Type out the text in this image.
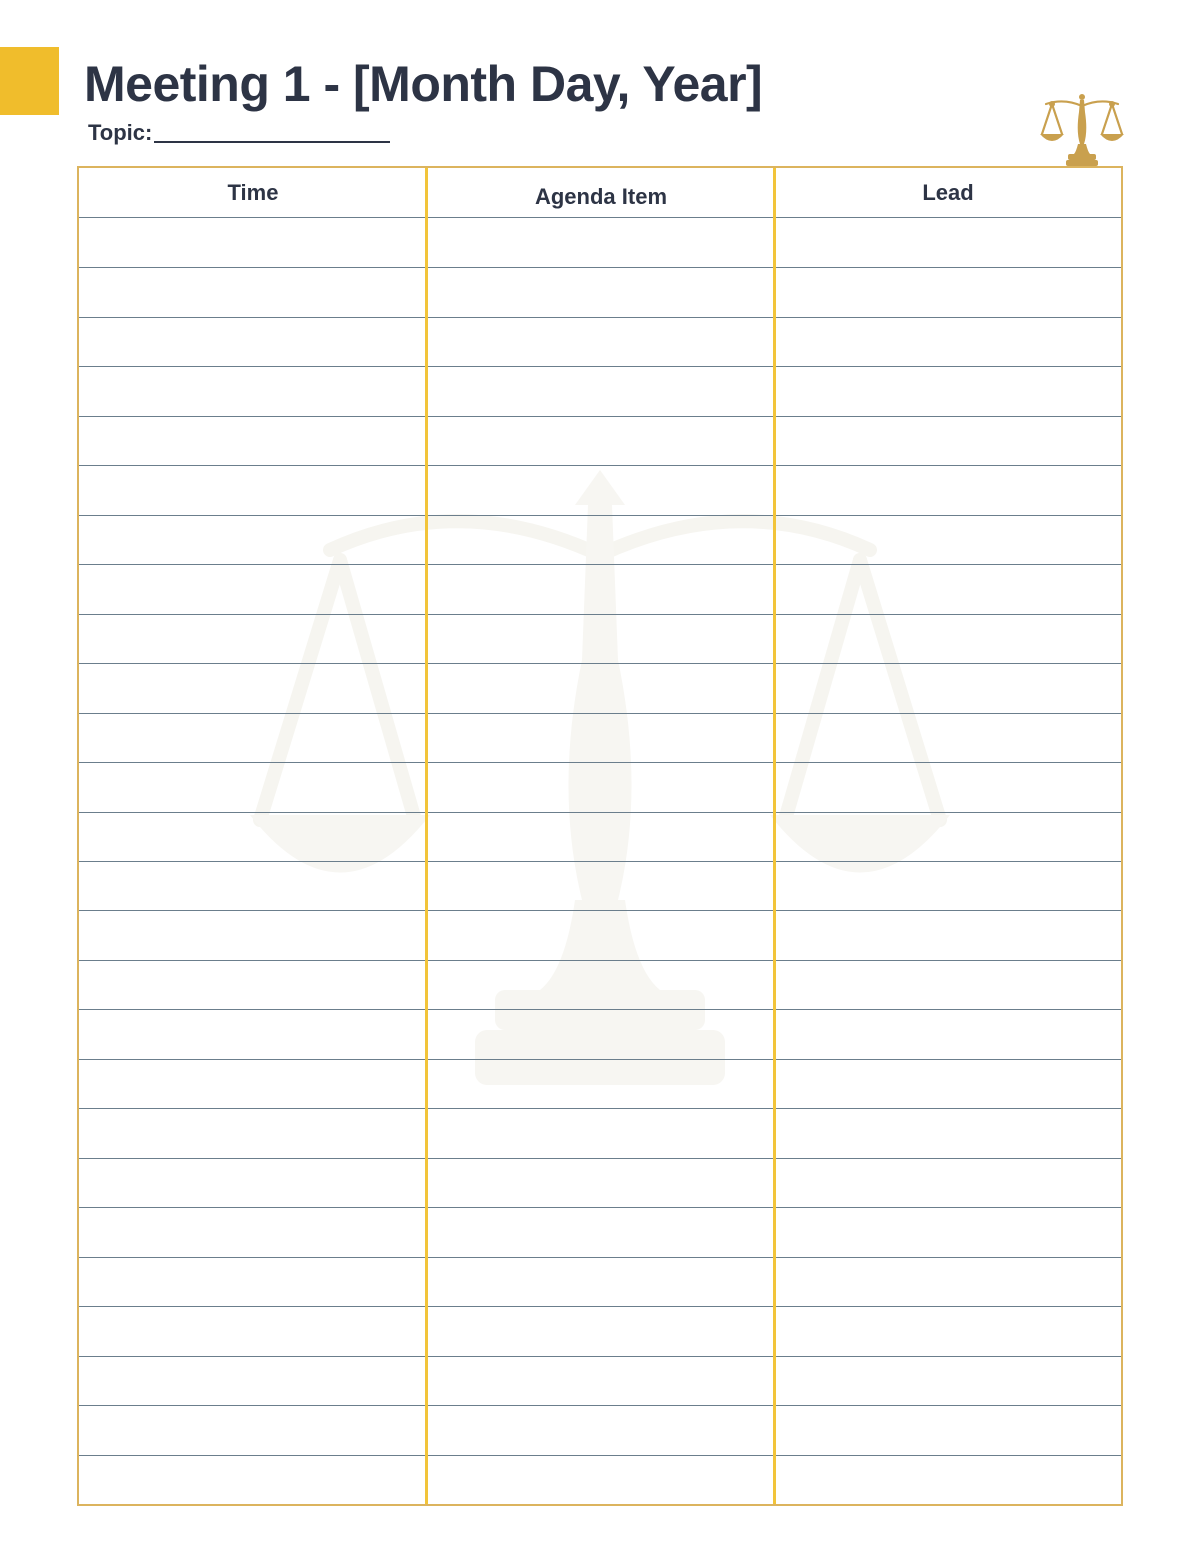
Meeting 1 - [Month Day, Year]
Topic:
Time	Agenda Item	Lead
